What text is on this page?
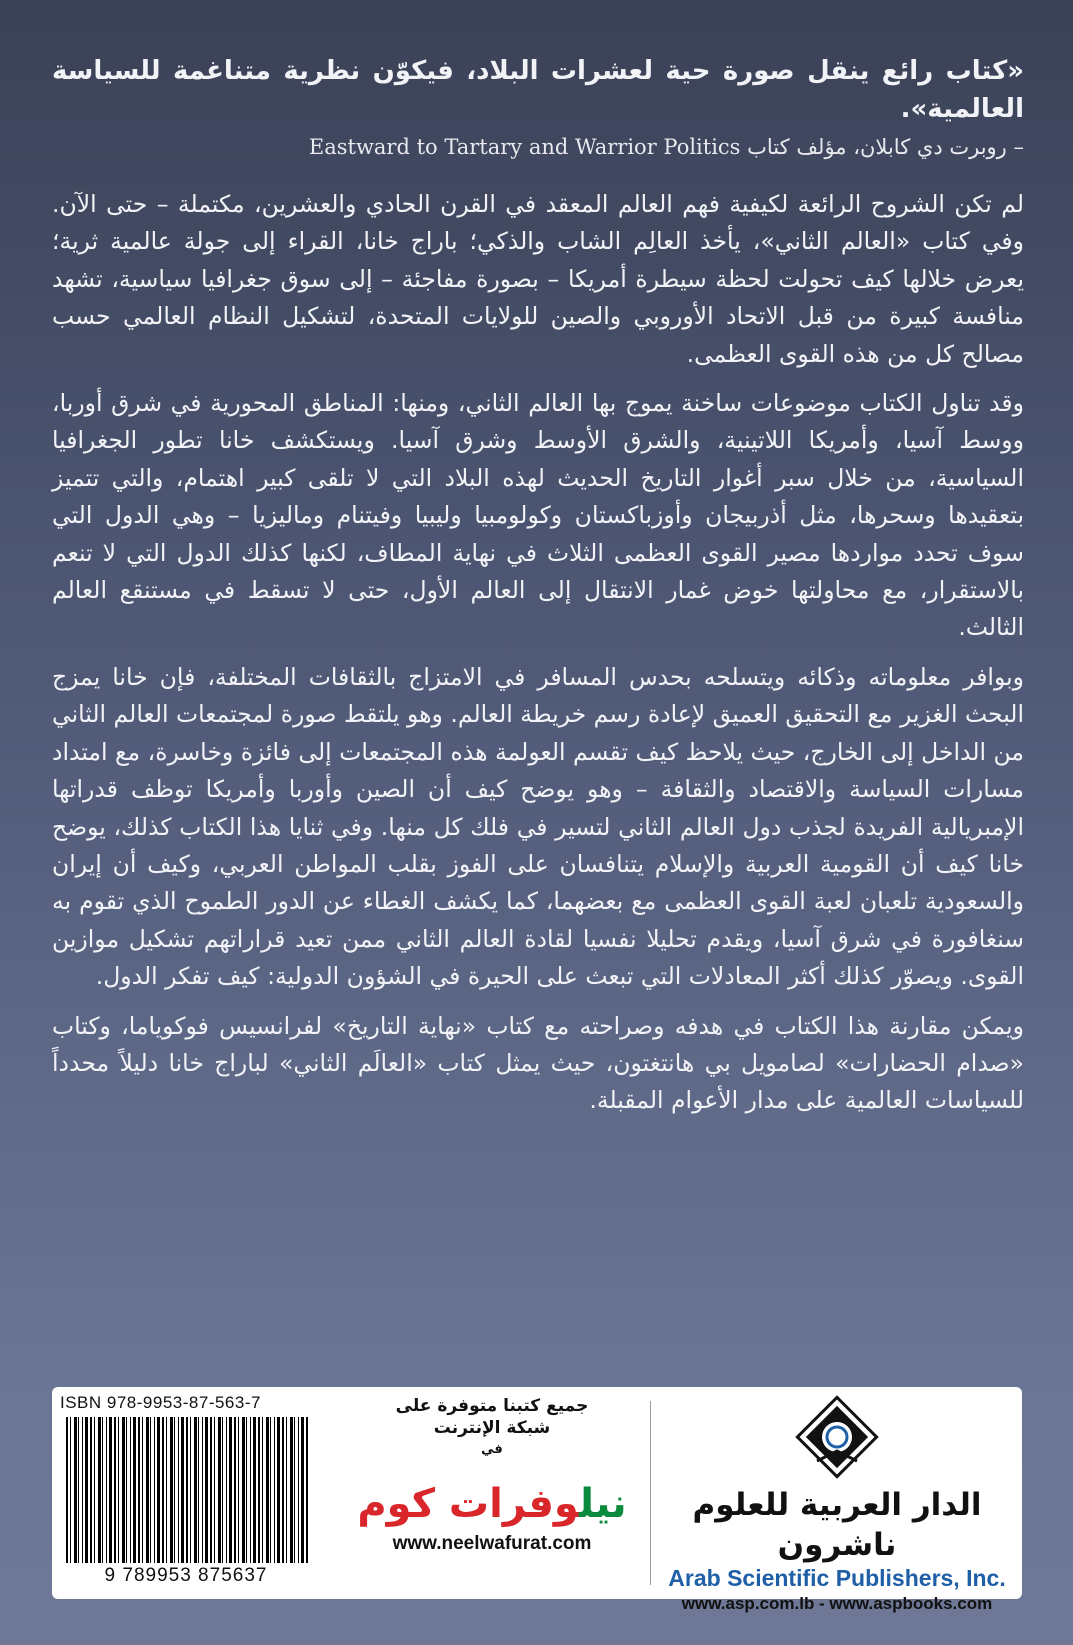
«كتاب رائع ينقل صورة حية لعشرات البلاد، فيكوّن نظرية متناغمة للسياسة العالمية».

– روبرت دي كابلان، مؤلف كتاب Eastward to Tartary and Warrior Politics

لم تكن الشروح الرائعة لكيفية فهم العالم المعقد في القرن الحادي والعشرين، مكتملة – حتى الآن. وفي كتاب «العالم الثاني»، يأخذ العالِم الشاب والذكي؛ باراج خانا، القراء إلى جولة عالمية ثرية؛ يعرض خلالها كيف تحولت لحظة سيطرة أمريكا – بصورة مفاجئة – إلى سوق جغرافيا سياسية، تشهد منافسة كبيرة من قبل الاتحاد الأوروبي والصين للولايات المتحدة، لتشكيل النظام العالمي حسب مصالح كل من هذه القوى العظمى.

وقد تناول الكتاب موضوعات ساخنة يموج بها العالم الثاني، ومنها: المناطق المحورية في شرق أوربا، ووسط آسيا، وأمريكا اللاتينية، والشرق الأوسط وشرق آسيا. ويستكشف خانا تطور الجغرافيا السياسية، من خلال سبر أغوار التاريخ الحديث لهذه البلاد التي لا تلقى كبير اهتمام، والتي تتميز بتعقيدها وسحرها، مثل أذربيجان وأوزباكستان وكولومبيا وليبيا وفيتنام وماليزيا – وهي الدول التي سوف تحدد مواردها مصير القوى العظمى الثلاث في نهاية المطاف، لكنها كذلك الدول التي لا تنعم بالاستقرار، مع محاولتها خوض غمار الانتقال إلى العالم الأول، حتى لا تسقط في مستنقع العالم الثالث.

وبوافر معلوماته وذكائه ويتسلحه بحدس المسافر في الامتزاج بالثقافات المختلفة، فإن خانا يمزج البحث الغزير مع التحقيق العميق لإعادة رسم خريطة العالم. وهو يلتقط صورة لمجتمعات العالم الثاني من الداخل إلى الخارج، حيث يلاحظ كيف تقسم العولمة هذه المجتمعات إلى فائزة وخاسرة، مع امتداد مسارات السياسة والاقتصاد والثقافة – وهو يوضح كيف أن الصين وأوربا وأمريكا توظف قدراتها الإمبريالية الفريدة لجذب دول العالم الثاني لتسير في فلك كل منها. وفي ثنايا هذا الكتاب كذلك، يوضح خانا كيف أن القومية العربية والإسلام يتنافسان على الفوز بقلب المواطن العربي، وكيف أن إيران والسعودية تلعبان لعبة القوى العظمى مع بعضهما، كما يكشف الغطاء عن الدور الطموح الذي تقوم به سنغافورة في شرق آسيا، ويقدم تحليلا نفسيا لقادة العالم الثاني ممن تعيد قراراتهم تشكيل موازين القوى. ويصوّر كذلك أكثر المعادلات التي تبعث على الحيرة في الشؤون الدولية: كيف تفكر الدول.

ويمكن مقارنة هذا الكتاب في هدفه وصراحته مع كتاب «نهاية التاريخ» لفرانسيس فوكوياما، وكتاب «صدام الحضارات» لصامويل بي هانتغتون، حيث يمثل كتاب «العالَم الثاني» لباراج خانا دليلاً محدداً للسياسات العالمية على مدار الأعوام المقبلة.

ISBN 978-9953-87-563-7
9 789953 875637

جميع كتبنا متوفرة على

شبكة الإنترنت

في

نيلوفرات كوم
www.neelwafurat.com
الدار العربية للعلوم ناشرون
Arab Scientific Publishers, Inc.
www.asp.com.lb - www.aspbooks.com
